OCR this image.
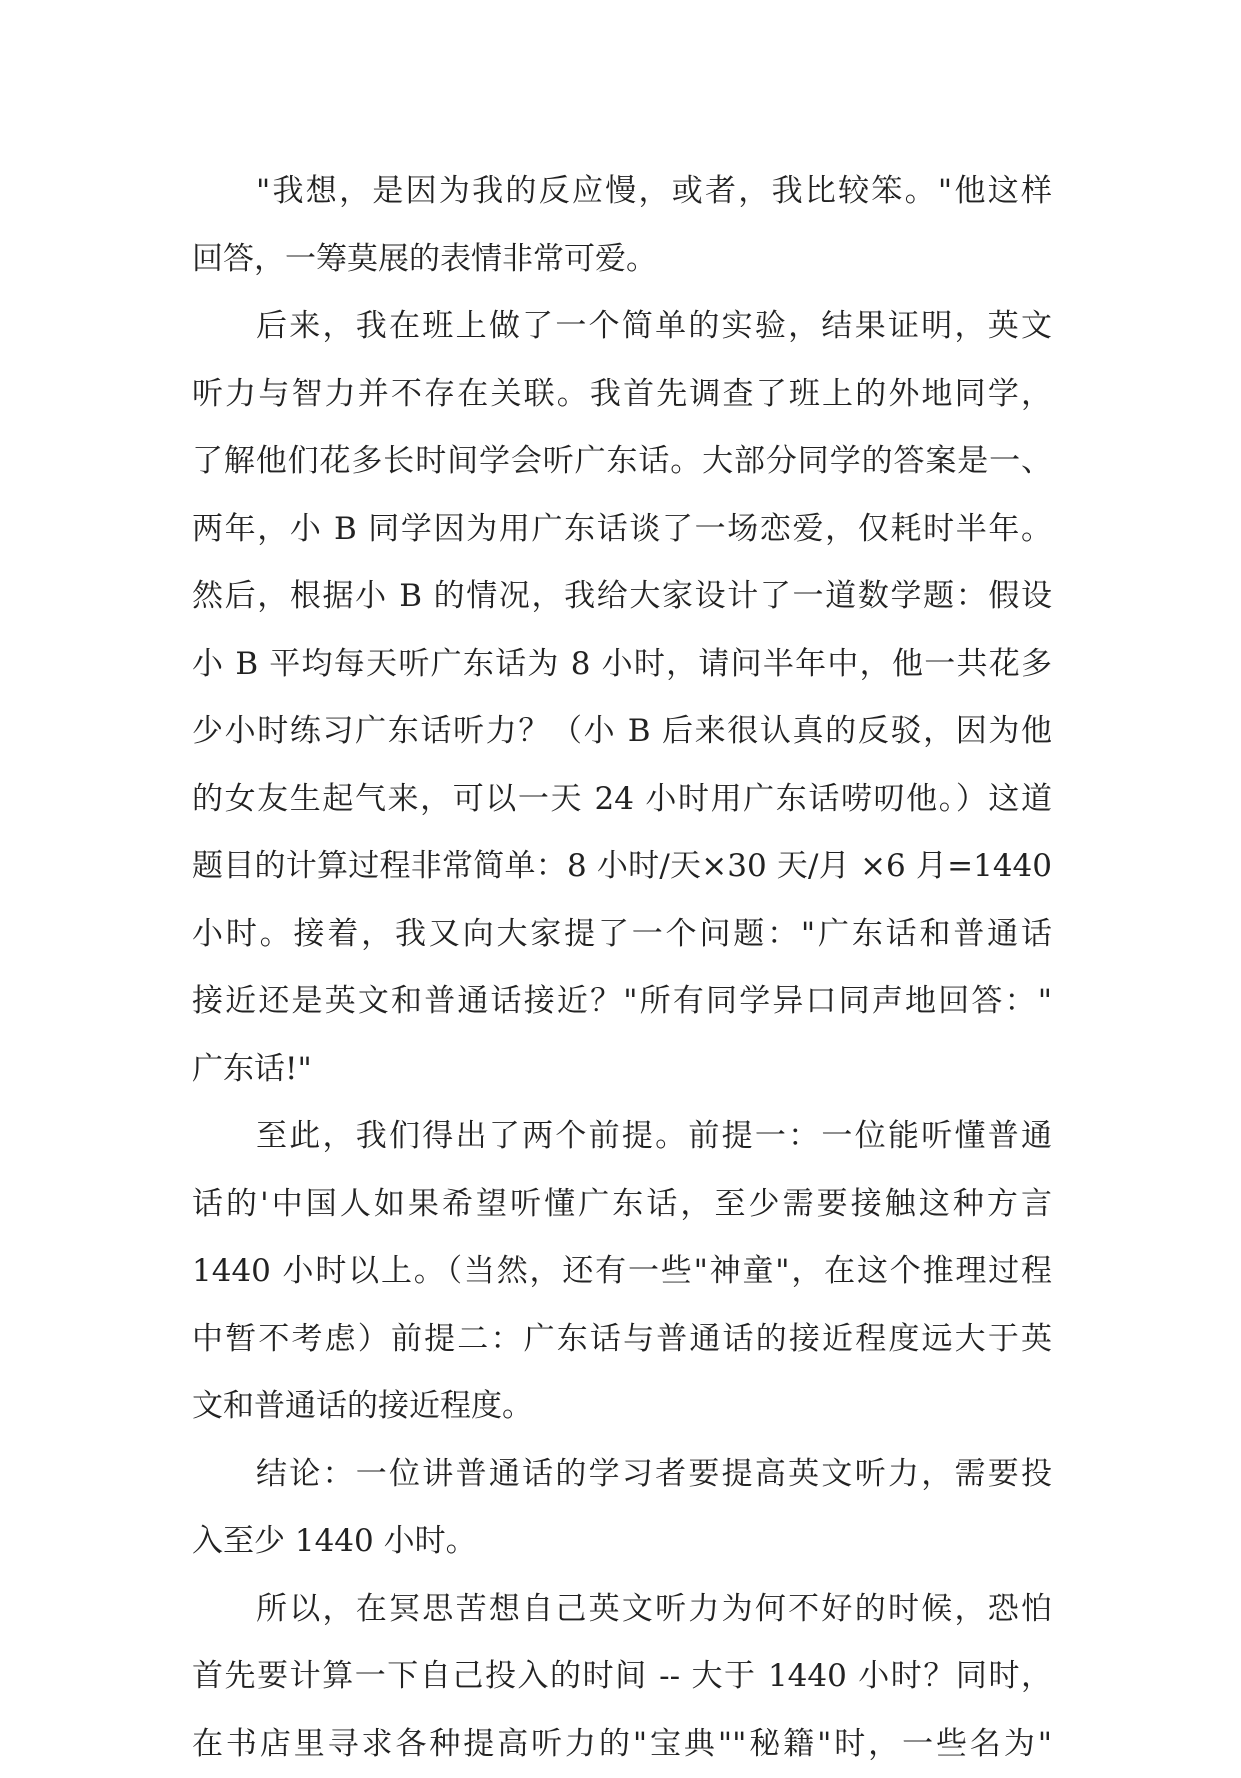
"我想，是因为我的反应慢，或者，我比较笨。"他这样
回答，一筹莫展的表情非常可爱。
后来，我在班上做了一个简单的实验，结果证明，英文
听力与智力并不存在关联。我首先调查了班上的外地同学，
了解他们花多长时间学会听广东话。大部分同学的答案是一、
两年，小 B 同学因为用广东话谈了一场恋爱，仅耗时半年。
然后，根据小 B 的情况，我给大家设计了一道数学题：假设
小 B 平均每天听广东话为 8 小时，请问半年中，他一共花多
少小时练习广东话听力？（小 B 后来很认真的反驳，因为他
的女友生起气来，可以一天 24 小时用广东话唠叨他。）这道
题目的计算过程非常简单：8 小时/天×30 天/月 ×6 月=1440
小时。接着，我又向大家提了一个问题："广东话和普通话
接近还是英文和普通话接近？"所有同学异口同声地回答："
广东话!"
至此，我们得出了两个前提。前提一：一位能听懂普通
话的'中国人如果希望听懂广东话，至少需要接触这种方言
1440 小时以上。（当然，还有一些"神童"，在这个推理过程
中暂不考虑）前提二：广东话与普通话的接近程度远大于英
文和普通话的接近程度。
结论：一位讲普通话的学习者要提高英文听力，需要投
入至少 1440 小时。
所以，在冥思苦想自己英文听力为何不好的时候，恐怕
首先要计算一下自己投入的时间 -- 大于 1440 小时？同时，
在书店里寻求各种提高听力的"宝典""秘籍"时，一些名为"
